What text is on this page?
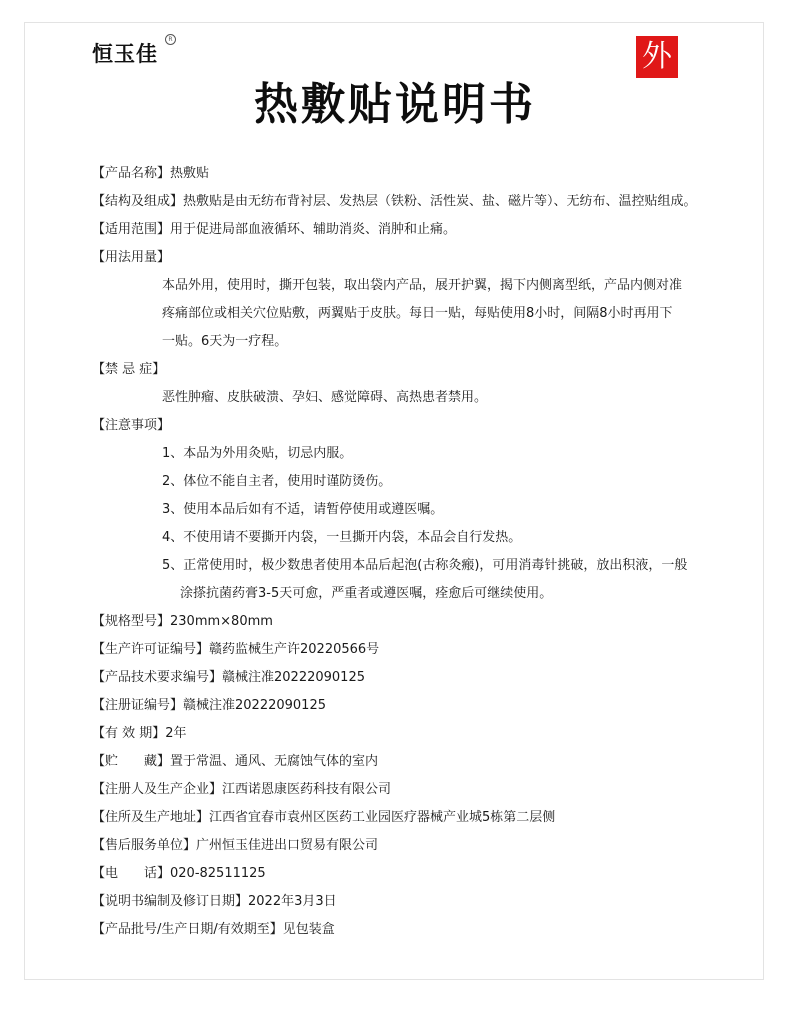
恒玉佳
R	外
热敷贴说明书
【产品名称】热敷贴
【结构及组成】热敷贴是由无纺布背衬层、发热层（铁粉、活性炭、盐、磁片等）、无纺布、温控贴组成。
【适用范围】用于促进局部血液循环、辅助消炎、消肿和止痛。
【用法用量】
本品外用，使用时，撕开包装，取出袋内产品，展开护翼，揭下内侧离型纸，产品内侧对准
疼痛部位或相关穴位贴敷，两翼贴于皮肤。每日一贴，每贴使用8小时，间隔8小时再用下
一贴。6天为一疗程。
【禁 忌 症】
恶性肿瘤、皮肤破溃、孕妇、感觉障碍、高热患者禁用。
【注意事项】
1、本品为外用灸贴，切忌内服。
2、体位不能自主者，使用时谨防烫伤。
3、使用本品后如有不适，请暂停使用或遵医嘱。
4、不使用请不要撕开内袋，一旦撕开内袋，本品会自行发热。
5、正常使用时，极少数患者使用本品后起泡(古称灸瘢)，可用消毒针挑破，放出积液，一般
涂搽抗菌药膏3-5天可愈，严重者或遵医嘱，痊愈后可继续使用。
【规格型号】230mm×80mm
【生产许可证编号】赣药监械生产许20220566号
【产品技术要求编号】赣械注准20222090125
【注册证编号】赣械注准20222090125
【有 效 期】2年
【贮　　藏】置于常温、通风、无腐蚀气体的室内
【注册人及生产企业】江西诺恩康医药科技有限公司
【住所及生产地址】江西省宜春市袁州区医药工业园医疗器械产业城5栋第二层侧
【售后服务单位】广州恒玉佳进出口贸易有限公司
【电　　话】020-82511125
【说明书编制及修订日期】2022年3月3日
【产品批号/生产日期/有效期至】见包装盒
